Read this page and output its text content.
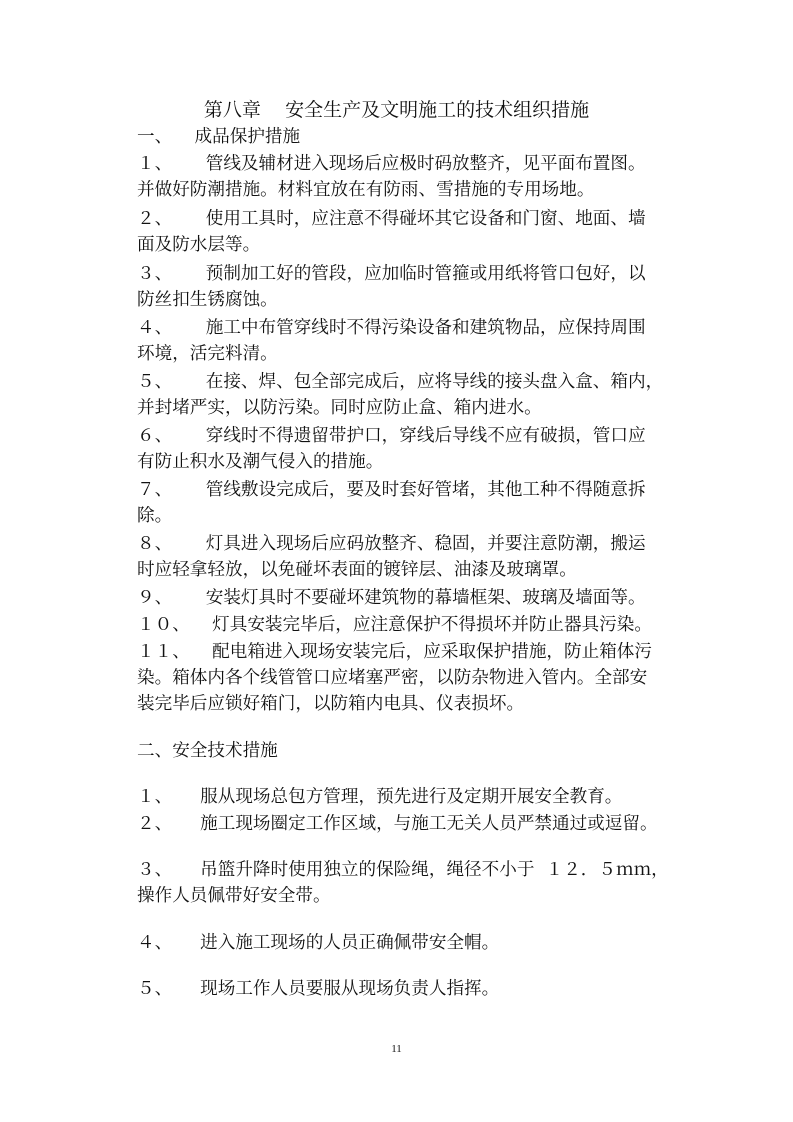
第八章    安全生产及文明施工的技术组织措施
一、    成品保护措施
１、      管线及辅材进入现场后应极时码放整齐，见平面布置图。
并做好防潮措施。材料宜放在有防雨、雪措施的专用场地。
２、      使用工具时，应注意不得碰坏其它设备和门窗、地面、墙
面及防水层等。
３、      预制加工好的管段，应加临时管箍或用纸将管口包好，以
防丝扣生锈腐蚀。
４、      施工中布管穿线时不得污染设备和建筑物品，应保持周围
环境，活完料清。
５、      在接、焊、包全部完成后，应将导线的接头盘入盒、箱内，
并封堵严实，以防污染。同时应防止盒、箱内进水。
６、      穿线时不得遗留带护口，穿线后导线不应有破损，管口应
有防止积水及潮气侵入的措施。
７、      管线敷设完成后，要及时套好管堵，其他工种不得随意拆
除。
８、      灯具进入现场后应码放整齐、稳固，并要注意防潮，搬运
时应轻拿轻放，以免碰坏表面的镀锌层、油漆及玻璃罩。
９、      安装灯具时不要碰坏建筑物的幕墙框架、玻璃及墙面等。
１０、    灯具安装完毕后，应注意保护不得损坏并防止器具污染。
１１、    配电箱进入现场安装完后，应采取保护措施，防止箱体污
染。箱体内各个线管管口应堵塞严密，以防杂物进入管内。全部安
装完毕后应锁好箱门，以防箱内电具、仪表损坏。
二、安全技术措施
１、     服从现场总包方管理，预先进行及定期开展安全教育。
２、     施工现场圈定工作区域，与施工无关人员严禁通过或逗留。
３、     吊篮升降时使用独立的保险绳，绳径不小于  １２．５ｍｍ，
操作人员佩带好安全带。
４、     进入施工现场的人员正确佩带安全帽。
５、     现场工作人员要服从现场负责人指挥。
11
